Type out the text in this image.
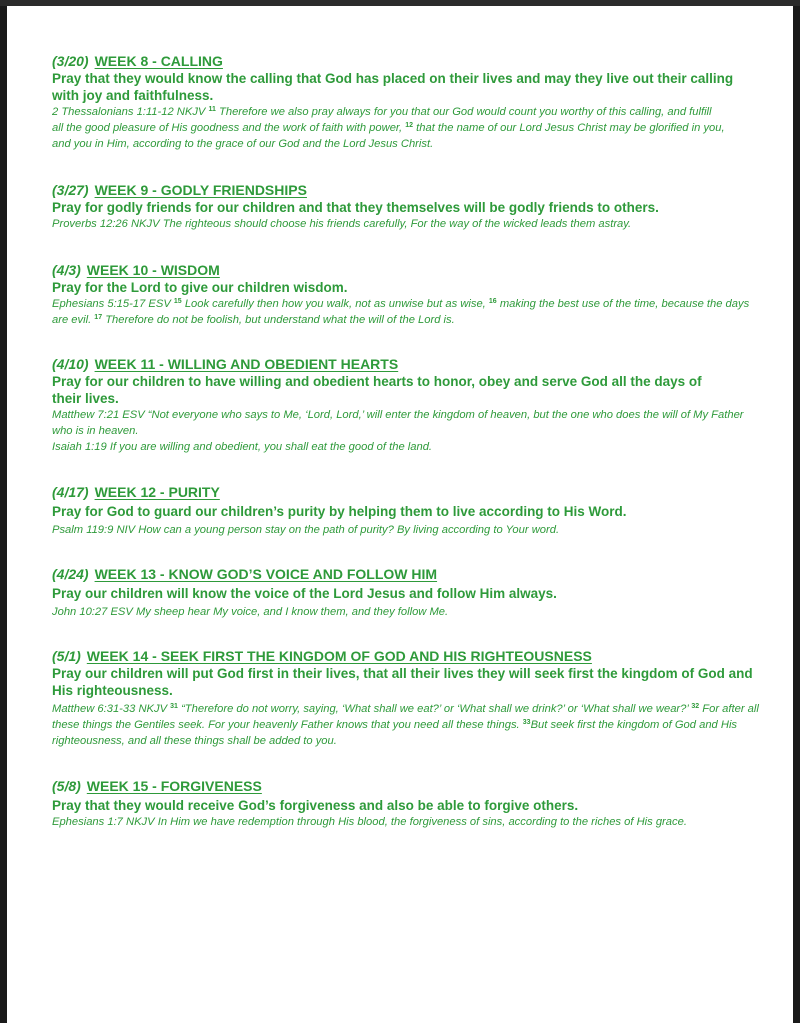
(3/20) WEEK 8 - CALLING

Pray that they would know the calling that God has placed on their lives and may they live out their calling with joy and faithfulness.

2 Thessalonians 1:11-12 NKJV $^{11}$ Therefore we also pray always for you that our God would count you worthy of this calling, and fulfill all the good pleasure of His goodness and the work of faith with power, $^{12}$ that the name of our Lord Jesus Christ may be glorified in you, and you in Him, according to the grace of our God and the Lord Jesus Christ.

(3/27) WEEK 9 - GODLY FRIENDSHIPS

Pray for godly friends for our children and that they themselves will be godly friends to others.

Proverbs 12:26 NKJV The righteous should choose his friends carefully, For the way of the wicked leads them astray.

(4/3) WEEK 10 - WISDOM

Pray for the Lord to give our children wisdom.

Ephesians 5:15-17 ESV $^{15}$ Look carefully then how you walk, not as unwise but as wise, $^{16}$ making the best use of the time, because the days are evil. $^{17}$ Therefore do not be foolish, but understand what the will of the Lord is.

(4/10) WEEK 11 - WILLING AND OBEDIENT HEARTS

Pray for our children to have willing and obedient hearts to honor, obey and serve God all the days of their lives.

Matthew 7:21 ESV “Not everyone who says to Me, ‘Lord, Lord,’ will enter the kingdom of heaven, but the one who does the will of My Father who is in heaven.

Isaiah 1:19 If you are willing and obedient, you shall eat the good of the land.

(4/17) WEEK 12 - PURITY

Pray for God to guard our children’s purity by helping them to live according to His Word.

Psalm 119:9 NIV How can a young person stay on the path of purity? By living according to Your word.

(4/24) WEEK 13 - KNOW GOD’S VOICE AND FOLLOW HIM

Pray our children will know the voice of the Lord Jesus and follow Him always.

John 10:27 ESV My sheep hear My voice, and I know them, and they follow Me.

(5/1) WEEK 14 - SEEK FIRST THE KINGDOM OF GOD AND HIS RIGHTEOUSNESS

Pray our children will put God first in their lives, that all their lives they will seek first the kingdom of God and His righteousness.

Matthew 6:31-33 NKJV $^{31}$ “Therefore do not worry, saying, ‘What shall we eat?’ or ‘What shall we drink?’ or ‘What shall we wear?’ $^{32}$ For after all these things the Gentiles seek. For your heavenly Father knows that you need all these things. $^{33}$But seek first the kingdom of God and His righteousness, and all these things shall be added to you.

(5/8) WEEK 15 - FORGIVENESS

Pray that they would receive God’s forgiveness and also be able to forgive others.

Ephesians 1:7 NKJV In Him we have redemption through His blood, the forgiveness of sins, according to the riches of His grace.
